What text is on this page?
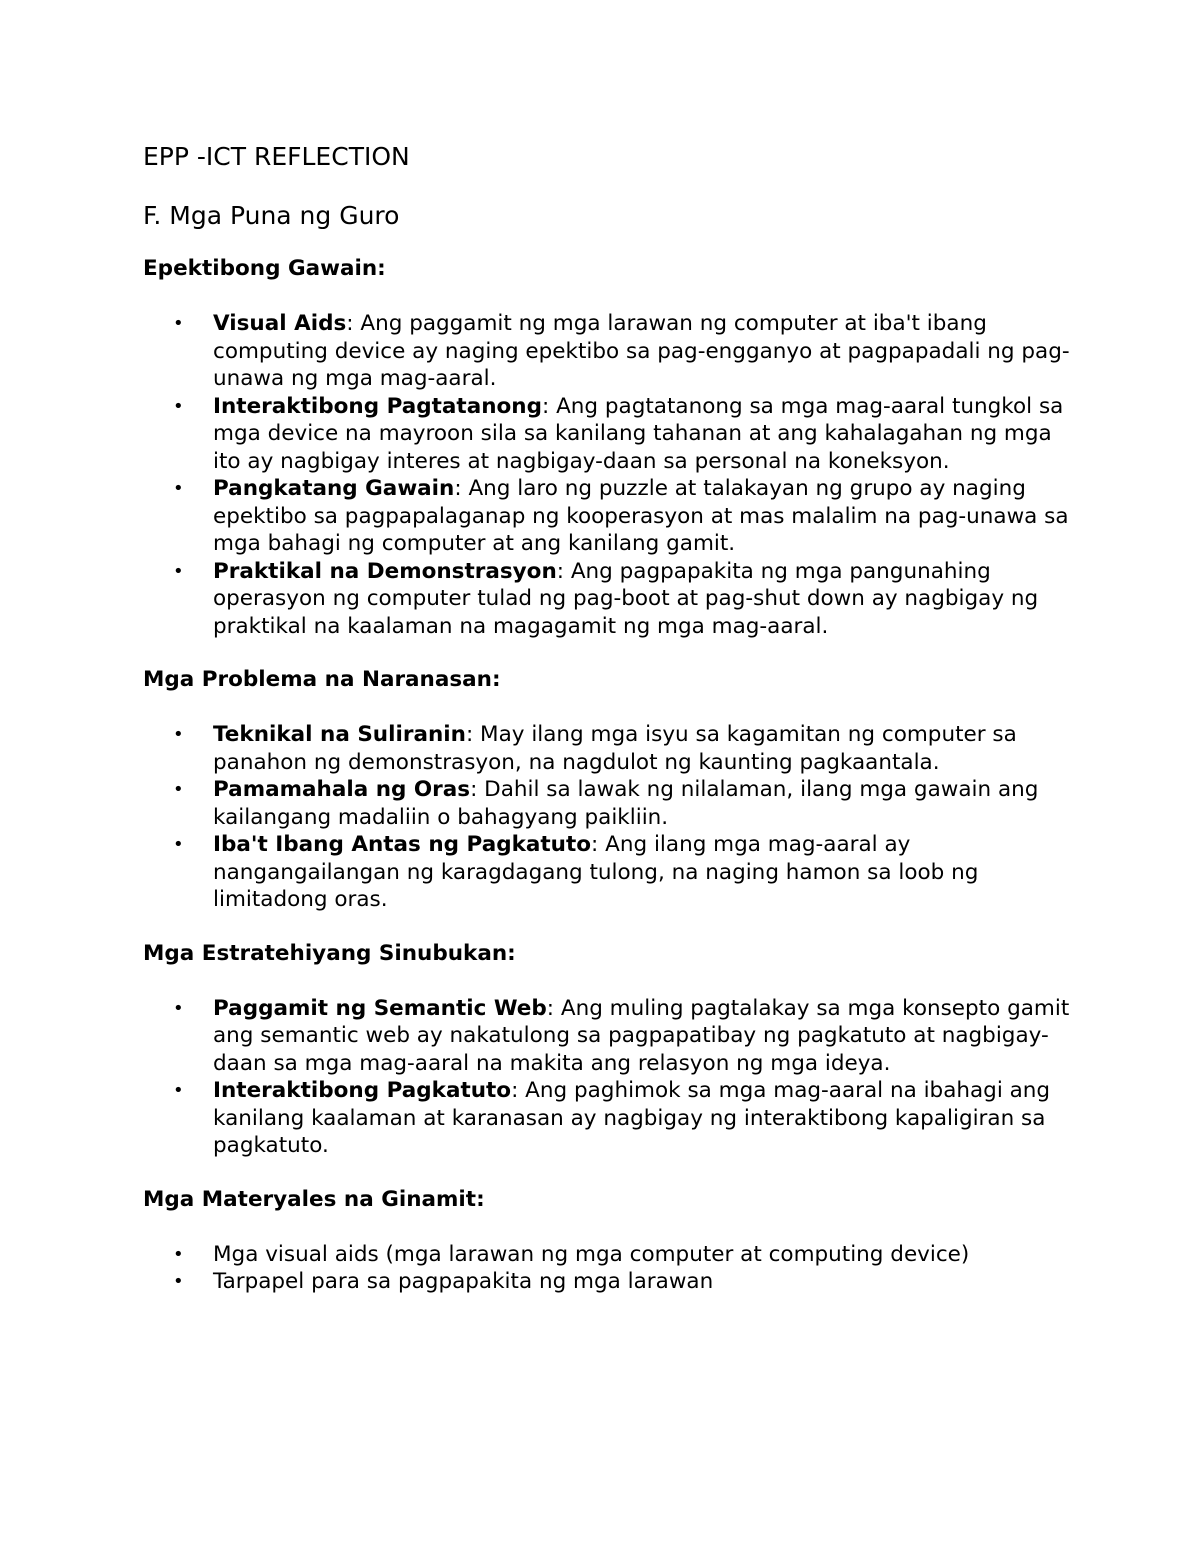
EPP -ICT REFLECTION
F. Mga Puna ng Guro
Epektibong Gawain:
• Visual Aids: Ang paggamit ng mga larawan ng computer at iba't ibang computing device ay naging epektibo sa pag-engganyo at pagpapadali ng pag-unawa ng mga mag-aaral.
• Interaktibong Pagtatanong: Ang pagtatanong sa mga mag-aaral tungkol sa mga device na mayroon sila sa kanilang tahanan at ang kahalagahan ng mga ito ay nagbigay interes at nagbigay-daan sa personal na koneksyon.
• Pangkatang Gawain: Ang laro ng puzzle at talakayan ng grupo ay naging epektibo sa pagpapalaganap ng kooperasyon at mas malalim na pag-unawa sa mga bahagi ng computer at ang kanilang gamit.
• Praktikal na Demonstrasyon: Ang pagpapakita ng mga pangunahing operasyon ng computer tulad ng pag-boot at pag-shut down ay nagbigay ng praktikal na kaalaman na magagamit ng mga mag-aaral.
Mga Problema na Naranasan:
• Teknikal na Suliranin: May ilang mga isyu sa kagamitan ng computer sa panahon ng demonstrasyon, na nagdulot ng kaunting pagkaantala.
• Pamamahala ng Oras: Dahil sa lawak ng nilalaman, ilang mga gawain ang kailangang madaliin o bahagyang paikliin.
• Iba't Ibang Antas ng Pagkatuto: Ang ilang mga mag-aaral ay nangangailangan ng karagdagang tulong, na naging hamon sa loob ng limitadong oras.
Mga Estratehiyang Sinubukan:
• Paggamit ng Semantic Web: Ang muling pagtalakay sa mga konsepto gamit ang semantic web ay nakatulong sa pagpapatibay ng pagkatuto at nagbigay-daan sa mga mag-aaral na makita ang relasyon ng mga ideya.
• Interaktibong Pagkatuto: Ang paghimok sa mga mag-aaral na ibahagi ang kanilang kaalaman at karanasan ay nagbigay ng interaktibong kapaligiran sa pagkatuto.
Mga Materyales na Ginamit:
• Mga visual aids (mga larawan ng mga computer at computing device)
• Tarpapel para sa pagpapakita ng mga larawan
